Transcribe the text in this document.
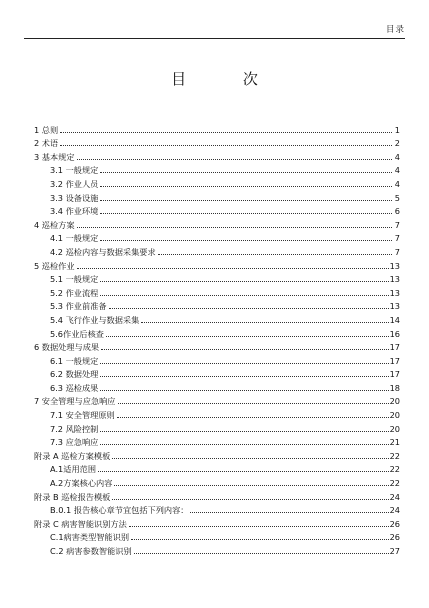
目录
目 次
1 总则	1
2 术语	2
3 基本规定	4
3.1 一般规定	4
3.2 作业人员	4
3.3 设备设施	5
3.4 作业环境	6
4 巡检方案	7
4.1 一般规定	7
4.2 巡检内容与数据采集要求	7
5 巡检作业	13
5.1 一般规定	13
5.2 作业流程	13
5.3 作业前准备	13
5.4 飞行作业与数据采集	14
5.6作业后核查	16
6 数据处理与成果	17
6.1 一般规定	17
6.2 数据处理	17
6.3 巡检成果	18
7 安全管理与应急响应	20
7.1 安全管理原则	20
7.2 风险控制	20
7.3 应急响应	21
附录 A 巡检方案模板	22
A.1适用范围	22
A.2方案核心内容	22
附录 B 巡检报告模板	24
B.0.1 报告核心章节宜包括下列内容：	24
附录 C 病害智能识别方法	26
C.1病害类型智能识别	26
C.2 病害参数智能识别	27
